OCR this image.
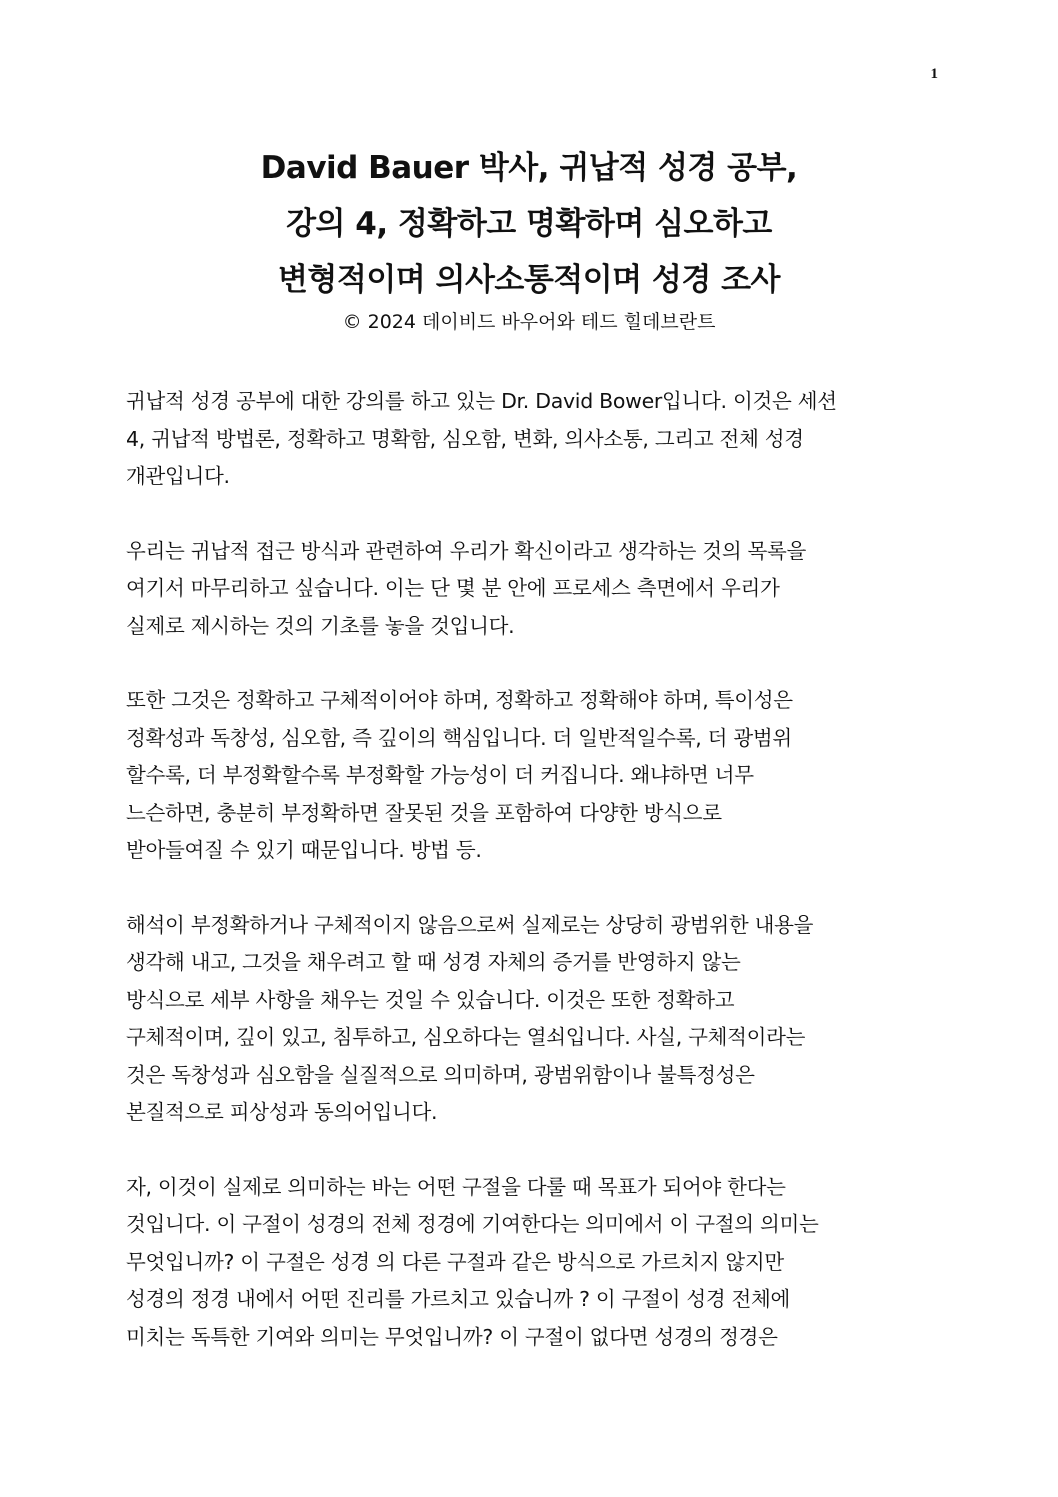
1
David Bauer 박사, 귀납적 성경 공부,
강의 4, 정확하고 명확하며 심오하고
변형적이며 의사소통적이며 성경 조사
© 2024 데이비드 바우어와 테드 힐데브란트
귀납적 성경 공부에 대한 강의를 하고 있는 Dr. David Bower입니다. 이것은 세션
4, 귀납적 방법론, 정확하고 명확함, 심오함, 변화, 의사소통, 그리고 전체 성경
개관입니다.
우리는 귀납적 접근 방식과 관련하여 우리가 확신이라고 생각하는 것의 목록을
여기서 마무리하고 싶습니다. 이는 단 몇 분 안에 프로세스 측면에서 우리가
실제로 제시하는 것의 기초를 놓을 것입니다.
또한 그것은 정확하고 구체적이어야 하며, 정확하고 정확해야 하며, 특이성은
정확성과 독창성, 심오함, 즉 깊이의 핵심입니다. 더 일반적일수록, 더 광범위
할수록, 더 부정확할수록 부정확할 가능성이 더 커집니다. 왜냐하면 너무
느슨하면, 충분히 부정확하면 잘못된 것을 포함하여 다양한 방식으로
받아들여질 수 있기 때문입니다. 방법 등.
해석이 부정확하거나 구체적이지 않음으로써 실제로는 상당히 광범위한 내용을
생각해 내고, 그것을 채우려고 할 때 성경 자체의 증거를 반영하지 않는
방식으로 세부 사항을 채우는 것일 수 있습니다. 이것은 또한 정확하고
구체적이며, 깊이 있고, 침투하고, 심오하다는 열쇠입니다. 사실, 구체적이라는
것은 독창성과 심오함을 실질적으로 의미하며, 광범위함이나 불특정성은
본질적으로 피상성과 동의어입니다.
자, 이것이 실제로 의미하는 바는 어떤 구절을 다룰 때 목표가 되어야 한다는
것입니다. 이 구절이 성경의 전체 정경에 기여한다는 의미에서 이 구절의 의미는
무엇입니까? 이 구절은 성경 의 다른 구절과 같은 방식으로 가르치지 않지만
성경의 정경 내에서 어떤 진리를 가르치고 있습니까 ? 이 구절이 성경 전체에
미치는 독특한 기여와 의미는 무엇입니까? 이 구절이 없다면 성경의 정경은
